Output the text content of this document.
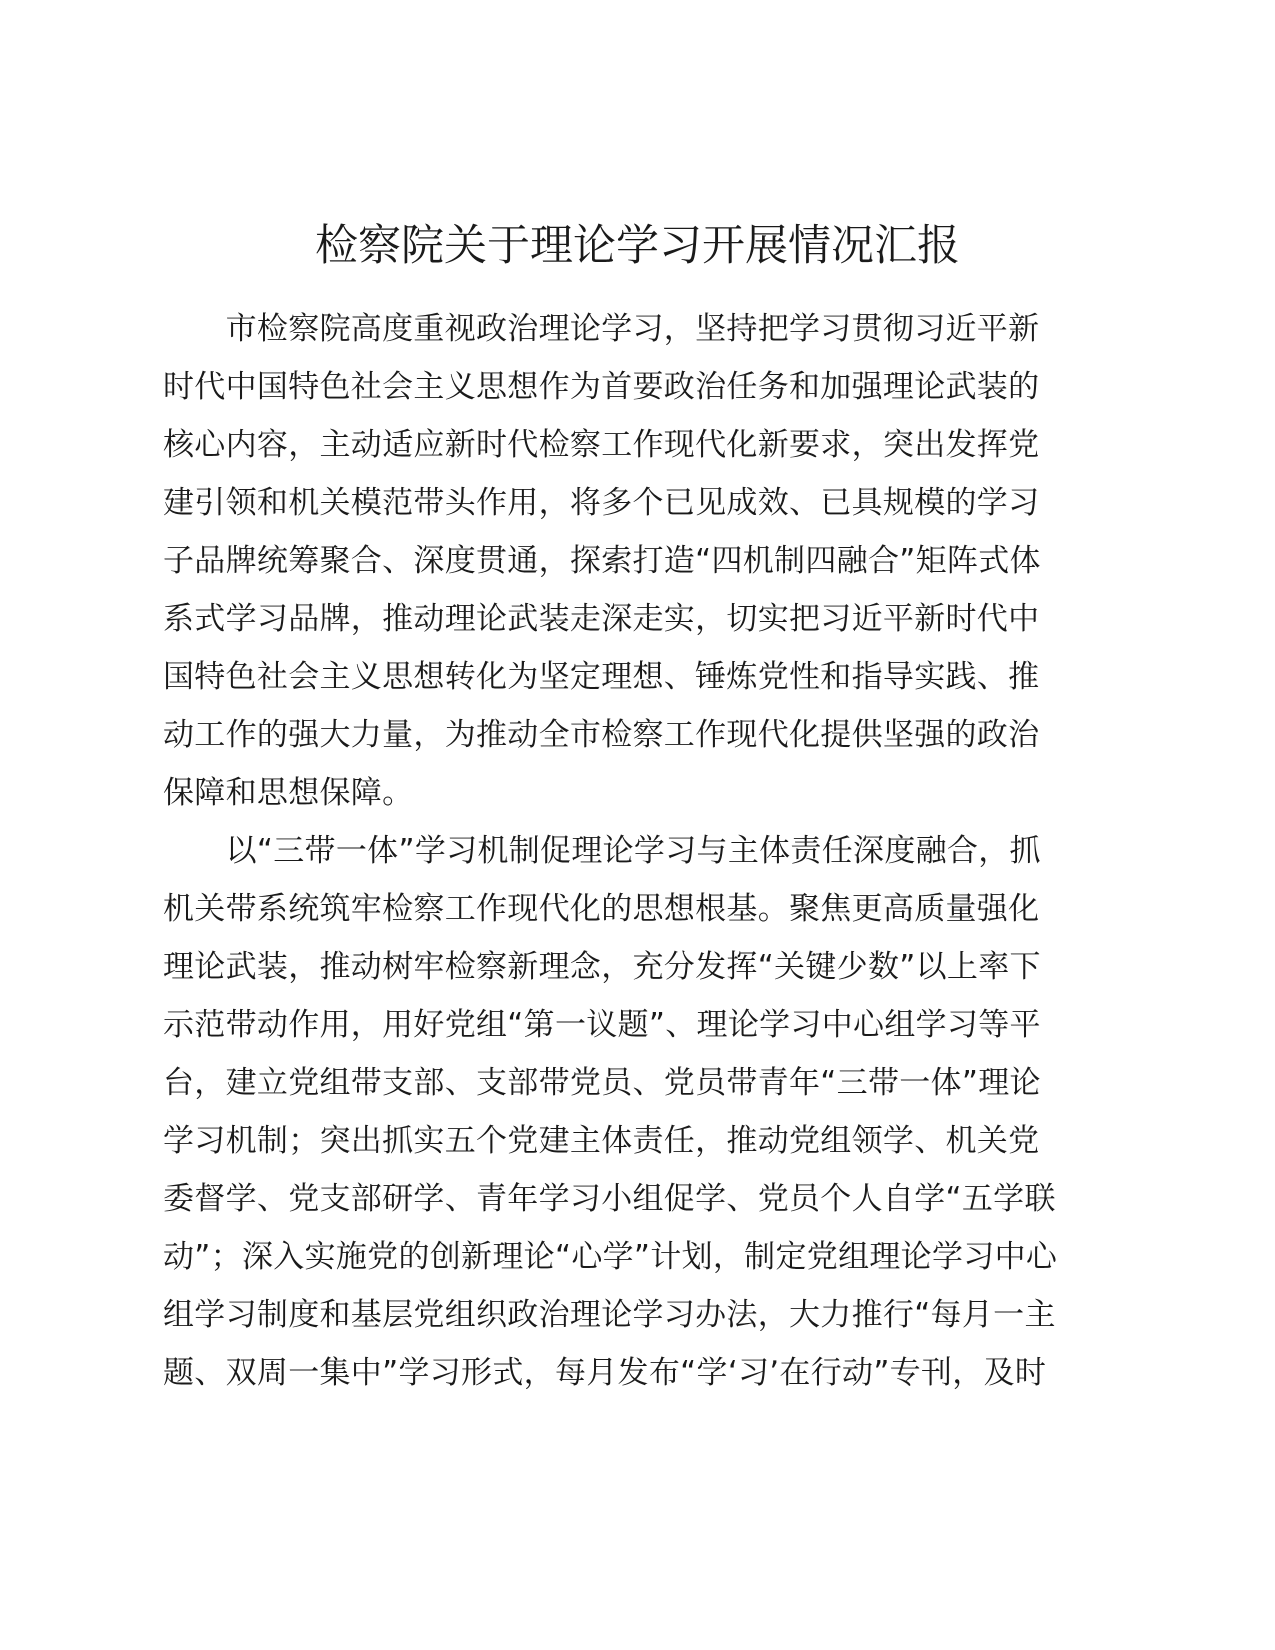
检察院关于理论学习开展情况汇报
　　市检察院高度重视政治理论学习，坚持把学习贯彻习近平新
时代中国特色社会主义思想作为首要政治任务和加强理论武装的
核心内容，主动适应新时代检察工作现代化新要求，突出发挥党
建引领和机关模范带头作用，将多个已见成效、已具规模的学习
子品牌统筹聚合、深度贯通，探索打造“四机制四融合”矩阵式体
系式学习品牌，推动理论武装走深走实，切实把习近平新时代中
国特色社会主义思想转化为坚定理想、锤炼党性和指导实践、推
动工作的强大力量，为推动全市检察工作现代化提供坚强的政治
保障和思想保障。
　　以“三带一体”学习机制促理论学习与主体责任深度融合，抓
机关带系统筑牢检察工作现代化的思想根基。聚焦更高质量强化
理论武装，推动树牢检察新理念，充分发挥“关键少数”以上率下
示范带动作用，用好党组“第一议题”、理论学习中心组学习等平
台，建立党组带支部、支部带党员、党员带青年“三带一体”理论
学习机制；突出抓实五个党建主体责任，推动党组领学、机关党
委督学、党支部研学、青年学习小组促学、党员个人自学“五学联
动”；深入实施党的创新理论“心学”计划，制定党组理论学习中心
组学习制度和基层党组织政治理论学习办法，大力推行“每月一主
题、双周一集中”学习形式，每月发布“学‘习’在行动”专刊，及时
